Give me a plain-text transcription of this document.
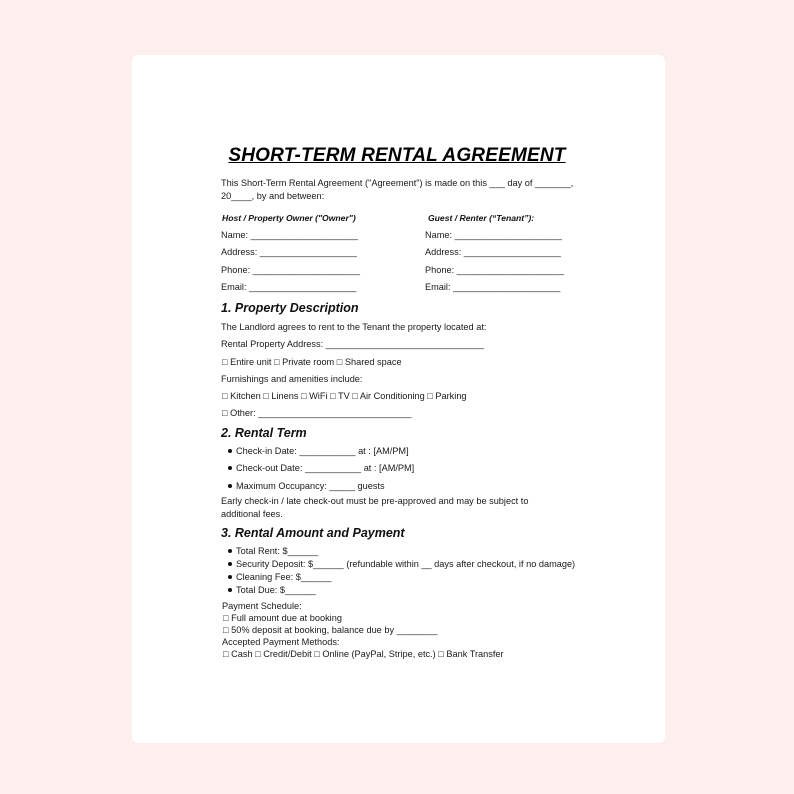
SHORT-TERM RENTAL AGREEMENT
This Short-Term Rental Agreement ("Agreement") is made on this ___ day of _______,
20____, by and between:
Host / Property Owner ("Owner")
Name: _____________________
Address: ___________________
Phone: _____________________
Email: _____________________
Guest / Renter (“Tenant”):
Name: _____________________
Address: ___________________
Phone: _____________________
Email: _____________________
1. Property Description
The Landlord agrees to rent to the Tenant the property located at:
Rental Property Address: _______________________________
□ Entire unit □ Private room □ Shared space
Furnishings and amenities include:
□ Kitchen □ Linens □ WiFi □ TV □ Air Conditioning □ Parking
□ Other: ______________________________
2. Rental Term
Check-in Date: ___________ at : [AM/PM]
Check-out Date: ___________ at : [AM/PM]
Maximum Occupancy: _____ guests
Early check-in / late check-out must be pre-approved and may be subject to
additional fees.
3. Rental Amount and Payment
Total Rent: $______
Security Deposit: $______ (refundable within __ days after checkout, if no damage)
Cleaning Fee: $______
Total Due: $______
Payment Schedule:
□ Full amount due at booking
□ 50% deposit at booking, balance due by ________
Accepted Payment Methods:
□ Cash □ Credit/Debit □ Online (PayPal, Stripe, etc.) □ Bank Transfer
